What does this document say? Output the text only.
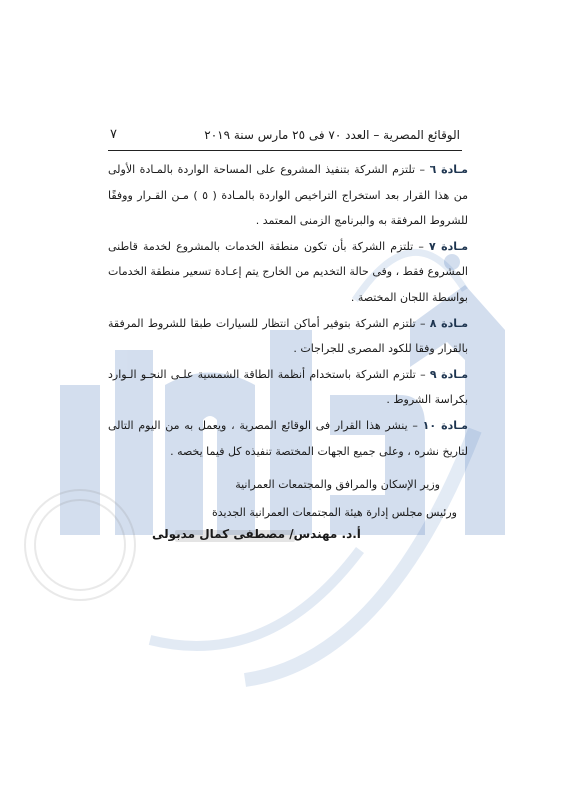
الوقائع المصرية – العدد ٧٠ فى ٢٥ مارس سنة ٢٠١٩
٧

مـادة ٦ – تلتزم الشركة بتنفيذ المشروع على المساحة الواردة بالمـادة الأولى من هذا القرار بعد استخراج التراخيص الواردة بالمـادة ( ٥ ) مـن القـرار ووفقًا للشروط المرفقة به والبرنامج الزمنى المعتمد .

مـادة ٧ – تلتزم الشركة بأن تكون منطقة الخدمات بالمشروع لخدمة قاطنى المشروع فقط ، وفى حالة التخديم من الخارج يتم إعـادة تسعير منطقة الخدمات بواسطة اللجان المختصة .

مـادة ٨ – تلتزم الشركة بتوفير أماكن انتظار للسيارات طبقا للشروط المرفقة بالقرار وفقا للكود المصرى للجراجات .

مـادة ٩ – تلتزم الشركة باستخدام أنظمة الطاقة الشمسية علـى النحـو الـوارد بكراسة الشروط .

مـادة ١٠ – ينشر هذا القرار فى الوقائع المصرية ، ويعمل به من اليوم التالى لتاريخ نشره ، وعلى جميع الجهات المختصة تنفيذه كل فيما يخصه .

وزير الإسكان والمرافق والمجتمعات العمرانية
ورئيس مجلس إدارة هيئة المجتمعات العمرانية الجديدة
أ.د. مهندس/ مصطفى كمال مدبولى
